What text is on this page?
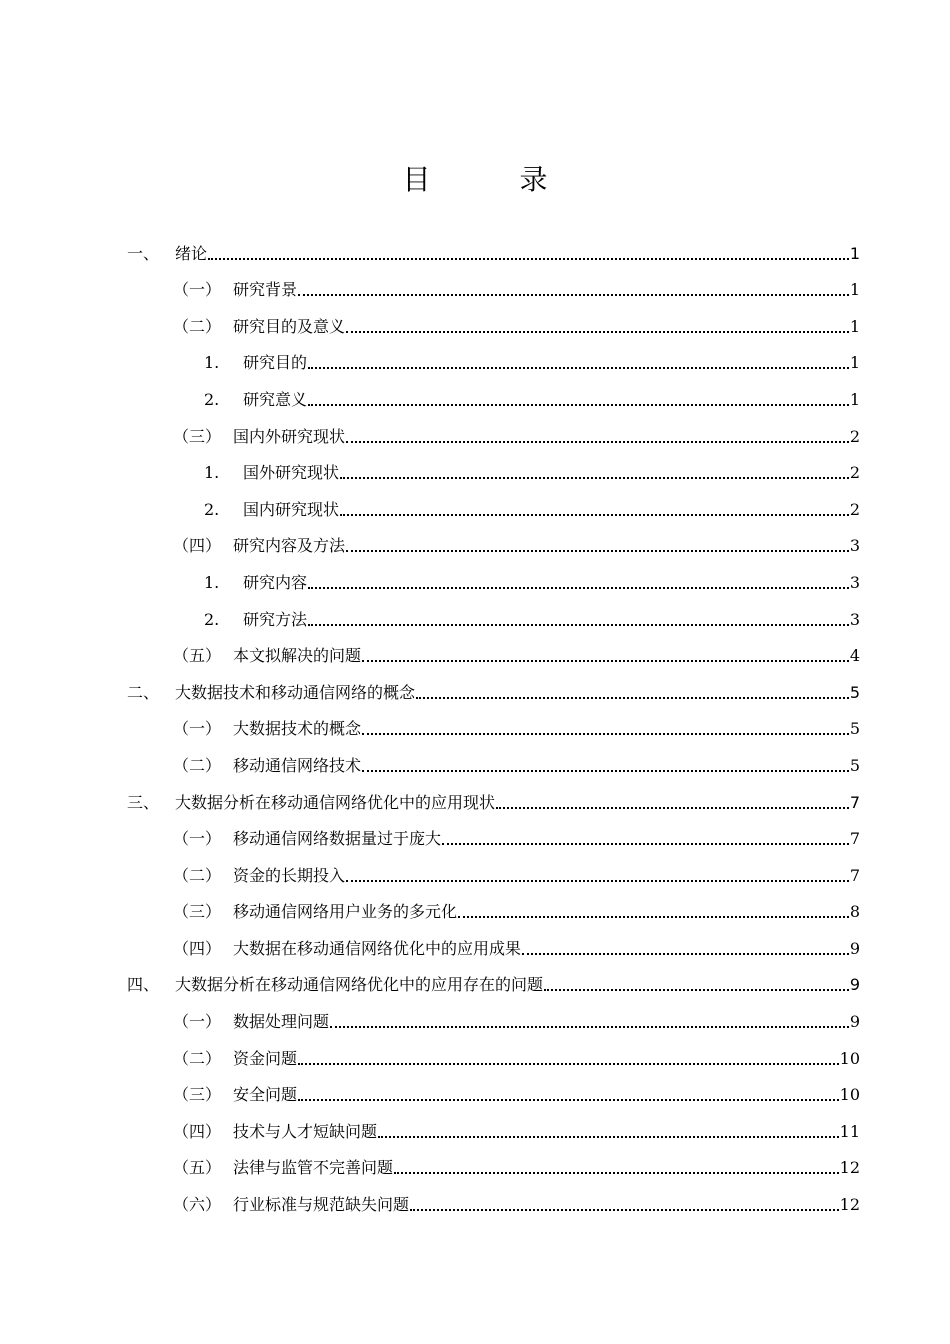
目 录
一、 绪论	1
（一） 研究背景	1
（二） 研究目的及意义	1
1.	研究目的	1
2.	研究意义	1
（三） 国内外研究现状	2
1.	国外研究现状	2
2.	国内研究现状	2
（四） 研究内容及方法	3
1.	研究内容	3
2.	研究方法	3
（五） 本文拟解决的问题	4
二、 大数据技术和移动通信网络的概念	5
（一） 大数据技术的概念	5
（二） 移动通信网络技术	5
三、 大数据分析在移动通信网络优化中的应用现状	7
（一） 移动通信网络数据量过于庞大	7
（二） 资金的长期投入	7
（三） 移动通信网络用户业务的多元化	8
（四） 大数据在移动通信网络优化中的应用成果	9
四、 大数据分析在移动通信网络优化中的应用存在的问题	9
（一） 数据处理问题	9
（二） 资金问题	10
（三） 安全问题	10
（四） 技术与人才短缺问题	11
（五） 法律与监管不完善问题	12
（六） 行业标准与规范缺失问题	12
